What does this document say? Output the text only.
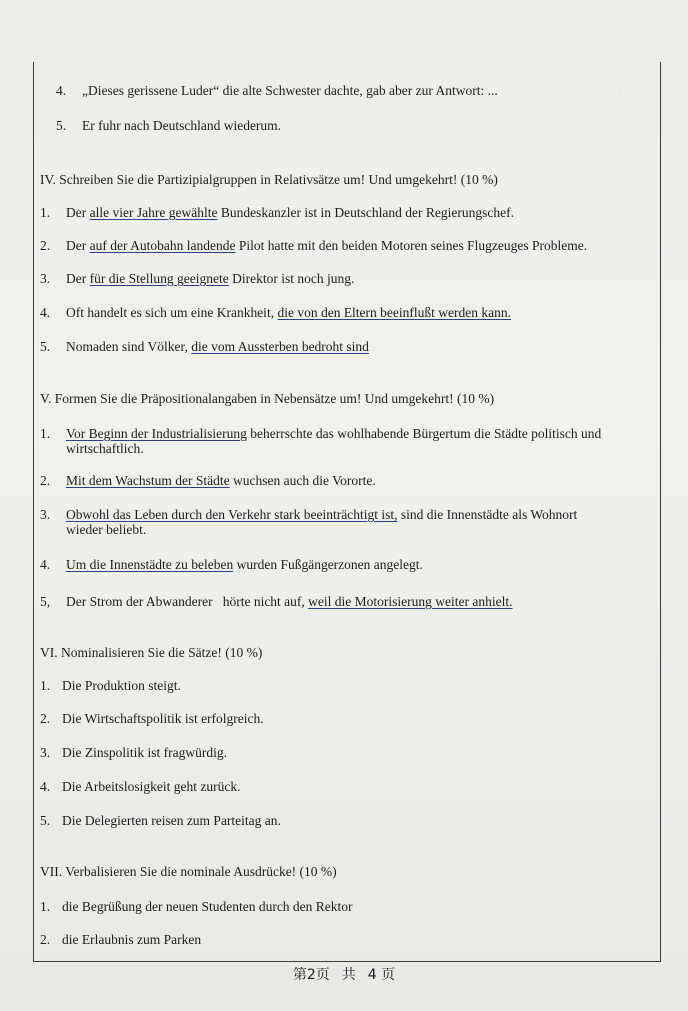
·
4. „Dieses gerissene Luder“ die alte Schwester dachte, gab aber zur Antwort: ...
5. Er fuhr nach Deutschland wiederum.
IV. Schreiben Sie die Partizipialgruppen in Relativsätze um! Und umgekehrt! (10 %)
1. Der alle vier Jahre gewählte Bundeskanzler ist in Deutschland der Regierungschef.
2. Der auf der Autobahn landende Pilot hatte mit den beiden Motoren seines Flugzeuges Probleme.
3. Der für die Stellung geeignete Direktor ist noch jung.
4. Oft handelt es sich um eine Krankheit, die von den Eltern beeinflußt werden kann.
5. Nomaden sind Völker, die vom Aussterben bedroht sind
V. Formen Sie die Präpositionalangaben in Nebensätze um! Und umgekehrt! (10 %)
1. Vor Beginn der Industrialisierung beherrschte das wohlhabende Bürgertum die Städte politisch und
wirtschaftlich.
2. Mit dem Wachstum der Städte wuchsen auch die Vororte.
3. Obwohl das Leben durch den Verkehr stark beeinträchtigt ist, sind die Innenstädte als Wohnort
wieder beliebt.
4. Um die Innenstädte zu beleben wurden Fußgängerzonen angelegt.
5, Der Strom der Abwanderer   hörte nicht auf, weil die Motorisierung weiter anhielt.
VI. Nominalisieren Sie die Sätze! (10 %)
1. Die Produktion steigt.
2. Die Wirtschaftspolitik ist erfolgreich.
3. Die Zinspolitik ist fragwürdig.
4. Die Arbeitslosigkeit geht zurück.
5. Die Delegierten reisen zum Parteitag an.
VII. Verbalisieren Sie die nominale Ausdrücke! (10 %)
1. die Begrüßung der neuen Studenten durch den Rektor
2. die Erlaubnis zum Parken
第2页 共 4 页
